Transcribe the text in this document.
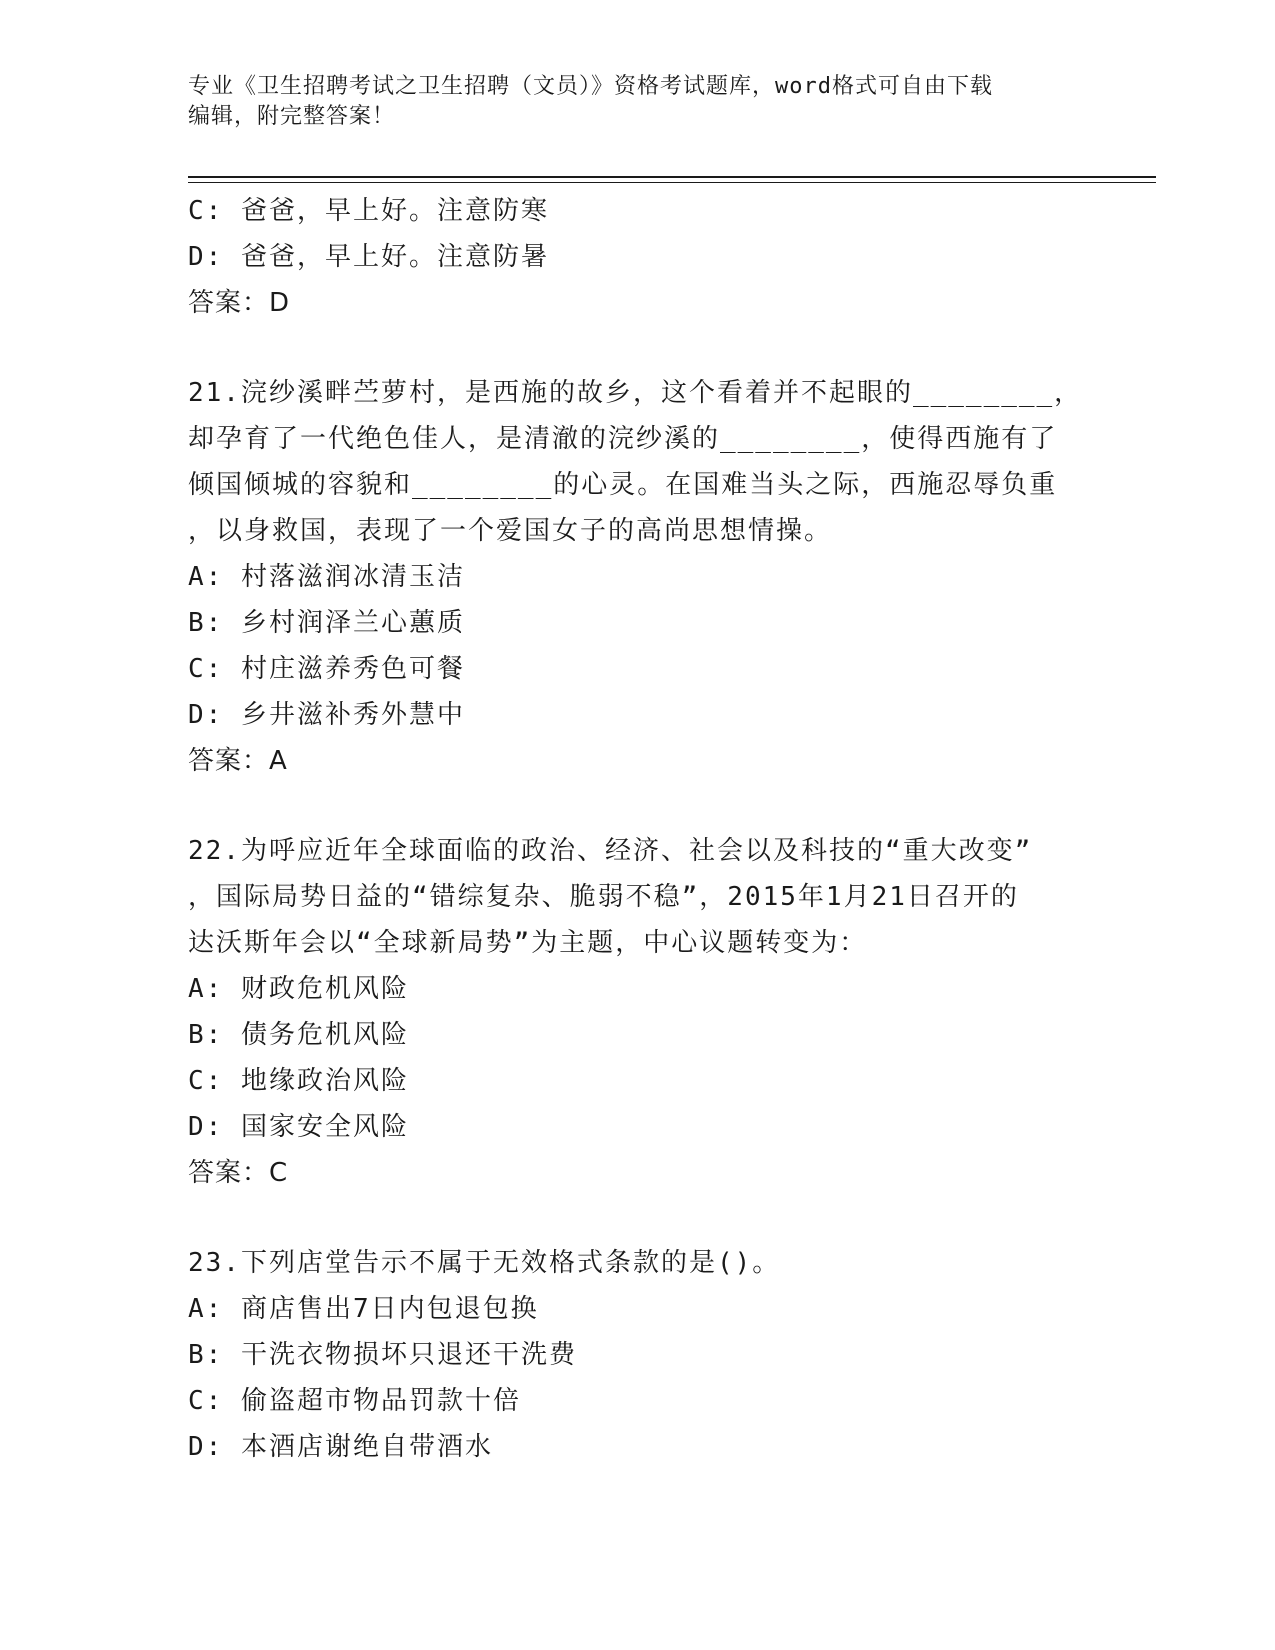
专业《卫生招聘考试之卫生招聘（文员）》资格考试题库，word格式可自由下载
编辑，附完整答案！
C: 爸爸，早上好。注意防寒
D: 爸爸，早上好。注意防暑
答案：D
21.浣纱溪畔苎萝村，是西施的故乡，这个看着并不起眼的________，
却孕育了一代绝色佳人，是清澈的浣纱溪的________，使得西施有了
倾国倾城的容貌和________的心灵。在国难当头之际，西施忍辱负重
，以身救国，表现了一个爱国女子的高尚思想情操。
A: 村落滋润冰清玉洁
B: 乡村润泽兰心蕙质
C: 村庄滋养秀色可餐
D: 乡井滋补秀外慧中
答案：A
22.为呼应近年全球面临的政治、经济、社会以及科技的“重大改变”
，国际局势日益的“错综复杂、脆弱不稳”，2015年1月21日召开的
达沃斯年会以“全球新局势”为主题，中心议题转变为：
A: 财政危机风险
B: 债务危机风险
C: 地缘政治风险
D: 国家安全风险
答案：C
23.下列店堂告示不属于无效格式条款的是()。
A: 商店售出7日内包退包换
B: 干洗衣物损坏只退还干洗费
C: 偷盗超市物品罚款十倍
D: 本酒店谢绝自带酒水
